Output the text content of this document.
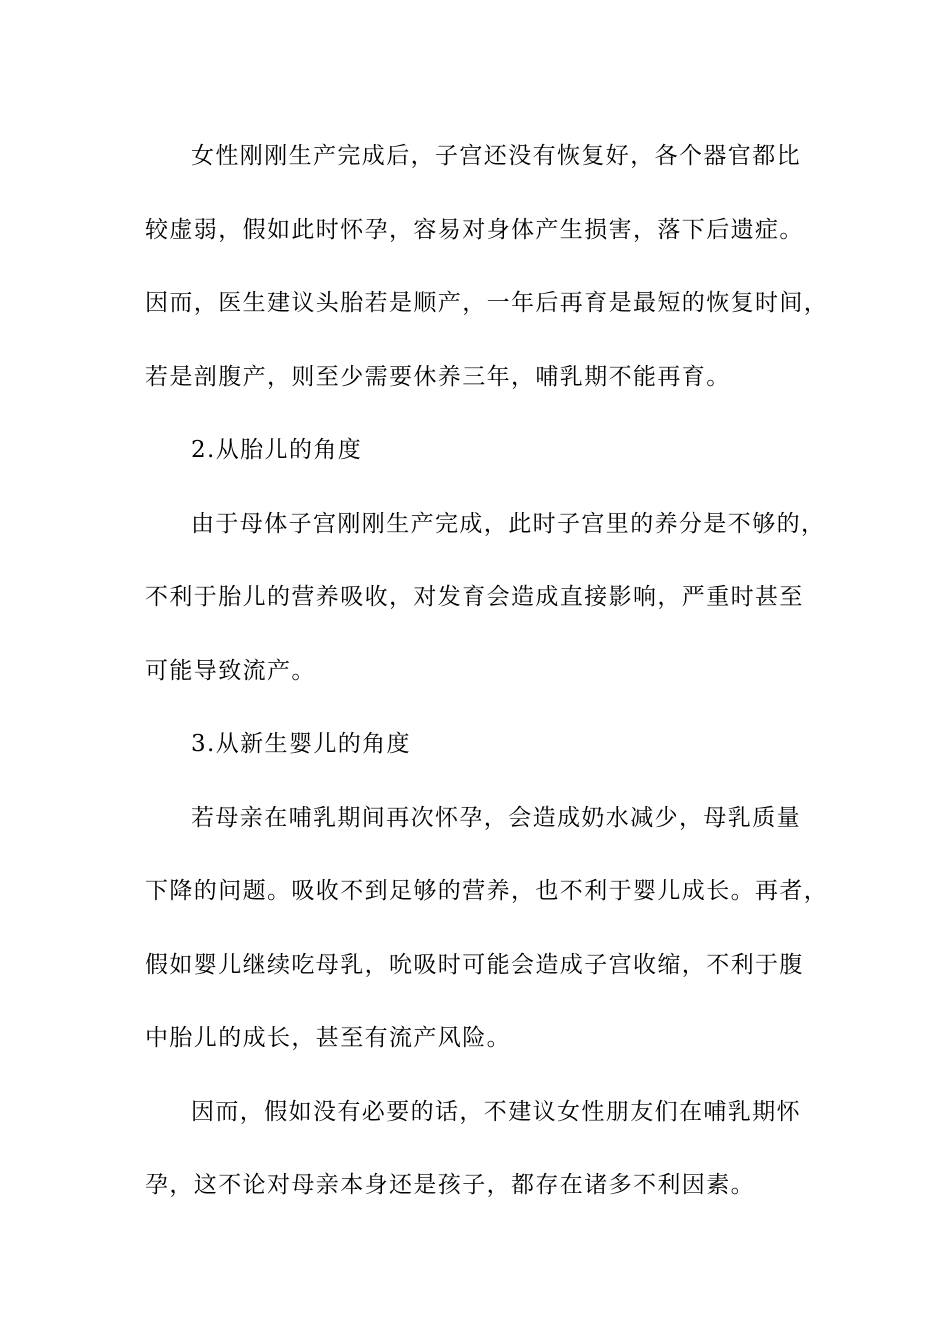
女性刚刚生产完成后，子宫还没有恢复好，各个器官都比
较虚弱，假如此时怀孕，容易对身体产生损害，落下后遗症。
因而，医生建议头胎若是顺产，一年后再育是最短的恢复时间，
若是剖腹产，则至少需要休养三年，哺乳期不能再育。

2.从胎儿的角度

由于母体子宫刚刚生产完成，此时子宫里的养分是不够的，
不利于胎儿的营养吸收，对发育会造成直接影响，严重时甚至
可能导致流产。

3.从新生婴儿的角度

若母亲在哺乳期间再次怀孕，会造成奶水减少，母乳质量
下降的问题。吸收不到足够的营养，也不利于婴儿成长。再者，
假如婴儿继续吃母乳，吮吸时可能会造成子宫收缩，不利于腹
中胎儿的成长，甚至有流产风险。

因而，假如没有必要的话，不建议女性朋友们在哺乳期怀
孕，这不论对母亲本身还是孩子，都存在诸多不利因素。
